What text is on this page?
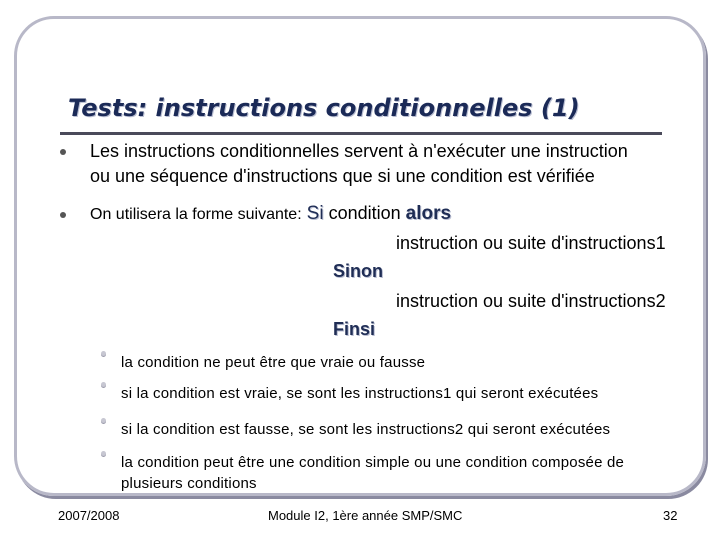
Tests: instructions conditionnelles (1)
Les instructions conditionnelles servent à n'exécuter une instruction
ou une séquence d'instructions que si une condition est vérifiée
On utilisera la forme suivante: Si condition alors
instruction ou suite d'instructions1
Sinon
instruction ou suite d'instructions2
Finsi
la condition ne peut être que vraie ou fausse
si la condition est vraie, se sont les instructions1 qui seront exécutées
si la condition est fausse, se sont les instructions2 qui seront exécutées
la condition peut être une condition simple ou une condition composée de
plusieurs conditions
2007/2008	Module I2, 1ère année SMP/SMC	32
